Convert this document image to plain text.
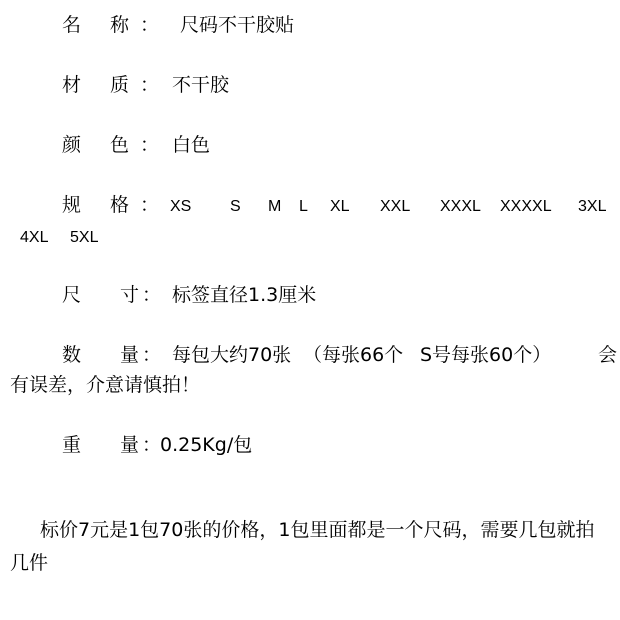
名 称 ： 尺码不干胶贴
材 质 ： 不干胶
颜 色 ： 白色
规 格 ： XS S M L XL XXL XXXL XXXXL 3XL
4XL 5XL
尺 寸 ： 标签直径1.3厘米
数 量 ： 每包大约70张 （每张66个 S号每张60个） 会
有误差，介意请慎拍！
重 量 ：
0.25Kg/包
标价7元是1包70张的价格，1包里面都是一个尺码，需要几包就拍
几件
